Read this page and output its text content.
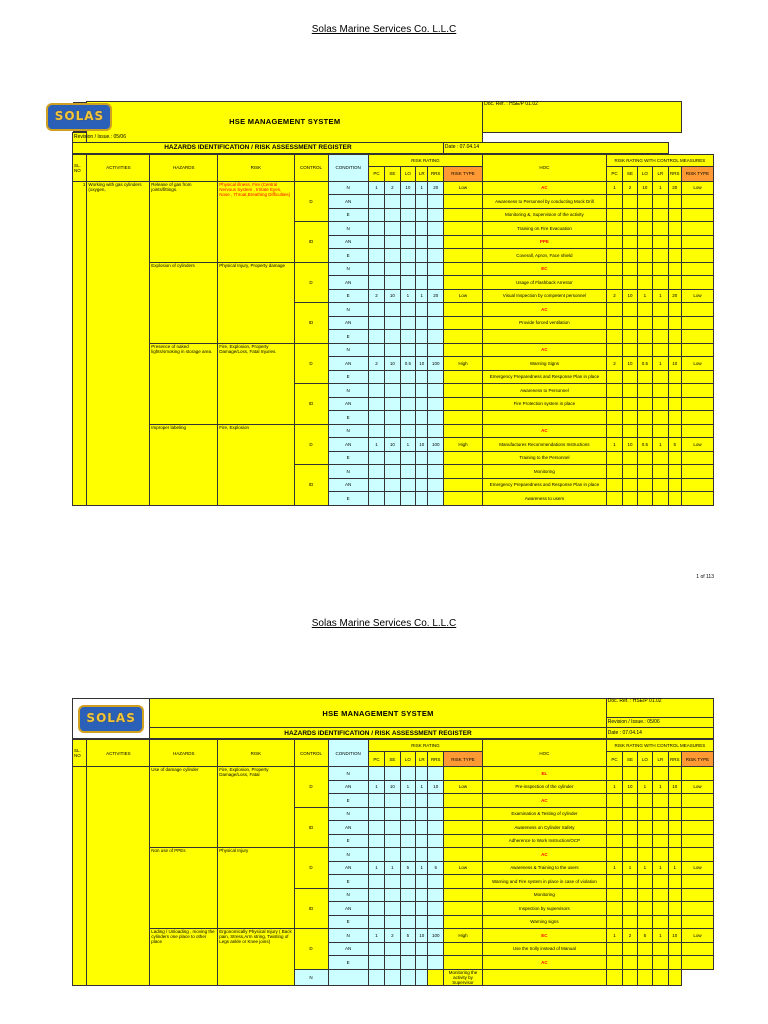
Solas Marine Services Co. L.L.C
SOLAS	HSE MANAGEMENT SYSTEM		Doc. Ref. : HSE/P 01.02
Revision / Issue.: 05/06			
HAZARDS IDENTIFICATION / RISK ASSESSMENT REGISTER		Date : 07.04.14	
SL. NO	ACTIVITIES	HAZARDS	RISK	CONTROL	CONDITION	RISK RATING						HOC	RISK RATING WITH CONTROL MEASURES					
						PC	SE	LO	LR	RRS	RISK TYPE		PC	SE	LO	LR	RRS	RISK TYPE
1	Working with gas cylinders (oxygen,	Release of gas from joints/fittings.	Physical illness, Fire (Central Nervous System , Irritate Eyes, Nose , Throat,Breathing Difficulties)	D	N	1	2	10	1	20	Low	AC	1	2	10	1	20	Low
					AN							Awareness to Personnel by conducting Mock Drill						
					E							Monitoring &, Supervision of the activity						
				ID	N							Training on Fire Evacuation						
					AN							PPE						
					E							Coverall, Apron, Face shield						
		Explosion of cylinders	Physical Injury, Property damage	D	N							EC						
					AN							Usage of Flashback Arrestor						
					E	2	10	1	1	20	Low	Visual Inspection by competent personnel	2	10	1	1	20	Low
				ID	N							AC						
					AN							Provide forced ventilation						
					E													
		Presence of naked lights/smoking in storage area.	Fire, Explosion, Property Damage/Loss, Fatal Injuries.	D	N							AC						
					AN	2	10	0.5	10	100	High	Warning Signs	2	10	0.5	1	10	Low
					E							Emergency Preparedness and Response Plan in place						
				ID	N							Awareness to Personnel						
					AN							Fire Protection system in place						
					E													
		Improper labeling	Fire, Explosion	D	N							AC						
					AN	1	10	1	10	100	High	Manufactures Recommendations Instructions	1	10	0.5	1	5	Low
					E							Training to the Personnel						
				ID	N							Monitoring						
					AN							Emergency Preparedness and Response Plan in place						
					E							Awareness to users						
1 of 113
Solas Marine Services Co. L.L.C
SOLAS	HSE MANAGEMENT SYSTEM	Doc. Ref. : HSE/P 01.02
		Revision / Issue.: 05/06
	HAZARDS IDENTIFICATION / RISK ASSESSMENT REGISTER	Date : 07.04.14
SL. NO	ACTIVITIES	HAZARDS	RISK	CONTROL	CONDITION	RISK RATING						HOC	RISK RATING WITH CONTROL MEASURES					
						PC	SE	LO	LR	RRS	RISK TYPE		PC	SE	LO	LR	RRS	RISK TYPE
		Use of damage cylinder	Fire, Explosion, Property Damage/Loss, Fatal	D	N							EL						
					AN	1	10	1	1	10	Low	Pre-inspection of the cylinder	1	10	1	1	10	Low
					E							AC						
				ID	N							Examination & Testing of cylinder						
					AN							Awareness on Cylinder Safety						
					E							Adherence to Work Instruction/OCP						
		Non use of PPEs	Physical Injury	D	N							AC						
					AN	1	1	5	1	5	Low	Awareness & Training to the users	1	1	1	1	1	Low
					E							Warning and Fire system in place in case of violation						
				ID	N							Monitoring						
					AN							Inspection by supervisors						
					E							Warning signs						
		Lading / Unloading , moving the cylinders one place to other place	Ergonomically Physical Injury ( Back pain, Stress,Arm string, Twisting of Legs ankle or Knee joins)	D	N	1	2	5	10	100	High	EC	1	2	5	1	10	Low
					AN							Use the trolly instead of Manual						
					E							AC						
				N							Monitoring the activity by Supervisor							
